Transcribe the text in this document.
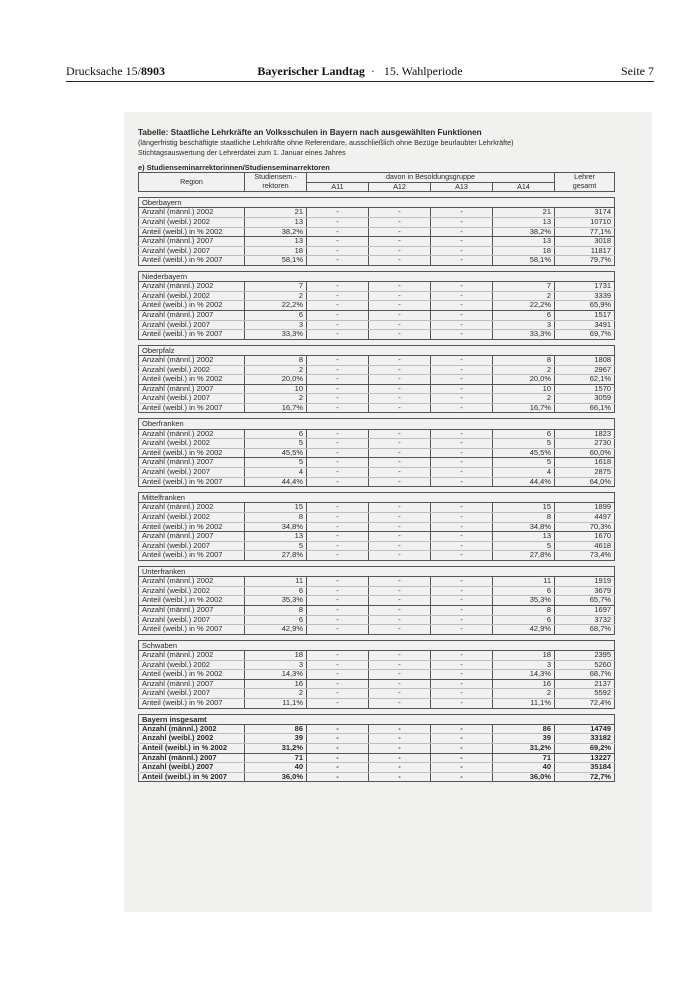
Drucksache 15/8903	Bayerischer Landtag  ·   15. Wahlperiode	Seite 7
Tabelle: Staatliche Lehrkräfte an Volksschulen in Bayern nach ausgewählten Funktionen
(längerfristig beschäftigte staatliche Lehrkräfte ohne Referendare, ausschließlich ohne Bezüge beurlaubter Lehrkräfte)
Stichtagsauswertung der Lehrerdatei zum 1. Januar eines Jahres
e) Studienseminarrektorinnen/Studienseminarrektoren
Region	Studiensem.-	davon in Besoldungsgruppe				Lehrer
	rektoren	A11	A12	A13	A14	gesamt
Oberbayern						
Anzahl (männl.) 2002	21	-	-	-	21	3174
Anzahl (weibl.) 2002	13	-	-	-	13	10710
Anteil (weibl.) in % 2002	38,2%	-	-	-	38,2%	77,1%
Anzahl (männl.) 2007	13	-	-	-	13	3018
Anzahl (weibl.) 2007	18	-	-	-	18	11817
Anteil (weibl.) in % 2007	58,1%	-	-	-	58,1%	79,7%
Niederbayern						
Anzahl (männl.) 2002	7	-	-	-	7	1731
Anzahl (weibl.) 2002	2	-	-	-	2	3339
Anteil (weibl.) in % 2002	22,2%	-	-	-	22,2%	65,9%
Anzahl (männl.) 2007	6	-	-	-	6	1517
Anzahl (weibl.) 2007	3	-	-	-	3	3491
Anteil (weibl.) in % 2007	33,3%	-	-	-	33,3%	69,7%
Oberpfalz						
Anzahl (männl.) 2002	8	-	-	-	8	1808
Anzahl (weibl.) 2002	2	-	-	-	2	2967
Anteil (weibl.) in % 2002	20,0%	-	-	-	20,0%	62,1%
Anzahl (männl.) 2007	10	-	-	-	10	1570
Anzahl (weibl.) 2007	2	-	-	-	2	3059
Anteil (weibl.) in % 2007	16,7%	-	-	-	16,7%	66,1%
Oberfranken						
Anzahl (männl.) 2002	6	-	-	-	6	1823
Anzahl (weibl.) 2002	5	-	-	-	5	2730
Anteil (weibl.) in % 2002	45,5%	-	-	-	45,5%	60,0%
Anzahl (männl.) 2007	5	-	-	-	5	1618
Anzahl (weibl.) 2007	4	-	-	-	4	2875
Anteil (weibl.) in % 2007	44,4%	-	-	-	44,4%	64,0%
Mittelfranken						
Anzahl (männl.) 2002	15	-	-	-	15	1899
Anzahl (weibl.) 2002	8	-	-	-	8	4497
Anteil (weibl.) in % 2002	34,8%	-	-	-	34,8%	70,3%
Anzahl (männl.) 2007	13	-	-	-	13	1670
Anzahl (weibl.) 2007	5	-	-	-	5	4618
Anteil (weibl.) in % 2007	27,8%	-	-	-	27,8%	73,4%
Unterfranken						
Anzahl (männl.) 2002	11	-	-	-	11	1919
Anzahl (weibl.) 2002	6	-	-	-	6	3679
Anteil (weibl.) in % 2002	35,3%	-	-	-	35,3%	65,7%
Anzahl (männl.) 2007	8	-	-	-	8	1697
Anzahl (weibl.) 2007	6	-	-	-	6	3732
Anteil (weibl.) in % 2007	42,9%	-	-	-	42,9%	68,7%
Schwaben						
Anzahl (männl.) 2002	18	-	-	-	18	2395
Anzahl (weibl.) 2002	3	-	-	-	3	5260
Anteil (weibl.) in % 2002	14,3%	-	-	-	14,3%	68,7%
Anzahl (männl.) 2007	16	-	-	-	16	2137
Anzahl (weibl.) 2007	2	-	-	-	2	5592
Anteil (weibl.) in % 2007	11,1%	-	-	-	11,1%	72,4%
Bayern insgesamt						
Anzahl (männl.) 2002	86	-	-	-	86	14749
Anzahl (weibl.) 2002	39	-	-	-	39	33182
Anteil (weibl.) in % 2002	31,2%	-	-	-	31,2%	69,2%
Anzahl (männl.) 2007	71	-	-	-	71	13227
Anzahl (weibl.) 2007	40	-	-	-	40	35184
Anteil (weibl.) in % 2007	36,0%	-	-	-	36,0%	72,7%
